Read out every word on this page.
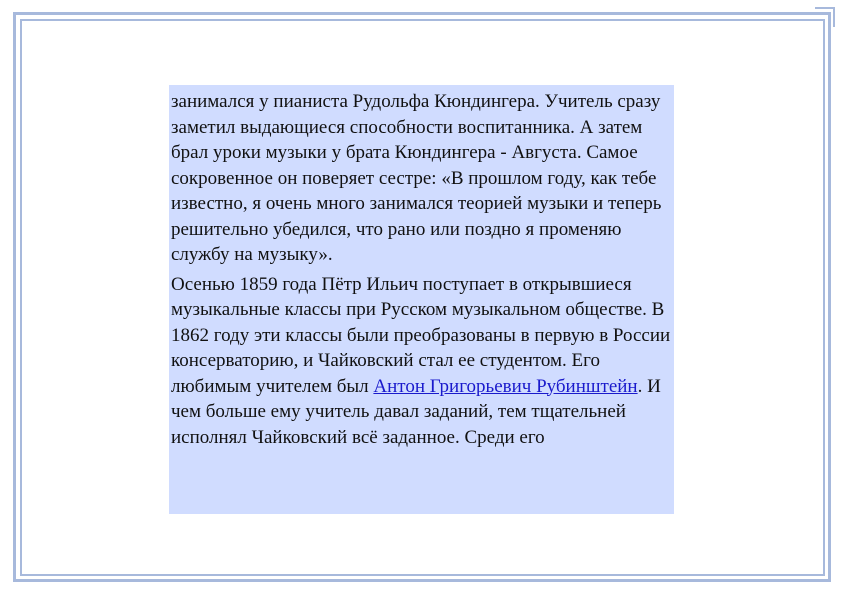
занимался у пианиста Рудольфа Кюндингера. Учитель сразу заметил выдающиеся способности воспитанника. А затем брал уроки музыки у брата Кюндингера - Августа. Самое сокровенное он поверяет сестре: «В прошлом году, как тебе известно, я очень много занимался теорией музыки и теперь решительно убедился, что рано или поздно я променяю службу на музыку».

Осенью 1859 года Пётр Ильич поступает в открывшиеся музыкальные классы при Русском музыкальном обществе. В 1862 году эти классы были преобразованы в первую в России консерваторию, и Чайковский стал ее студентом. Его любимым учителем был Антон Григорьевич Рубинштейн. И чем больше ему учитель давал заданий, тем тщательней исполнял Чайковский всё заданное. Среди его
